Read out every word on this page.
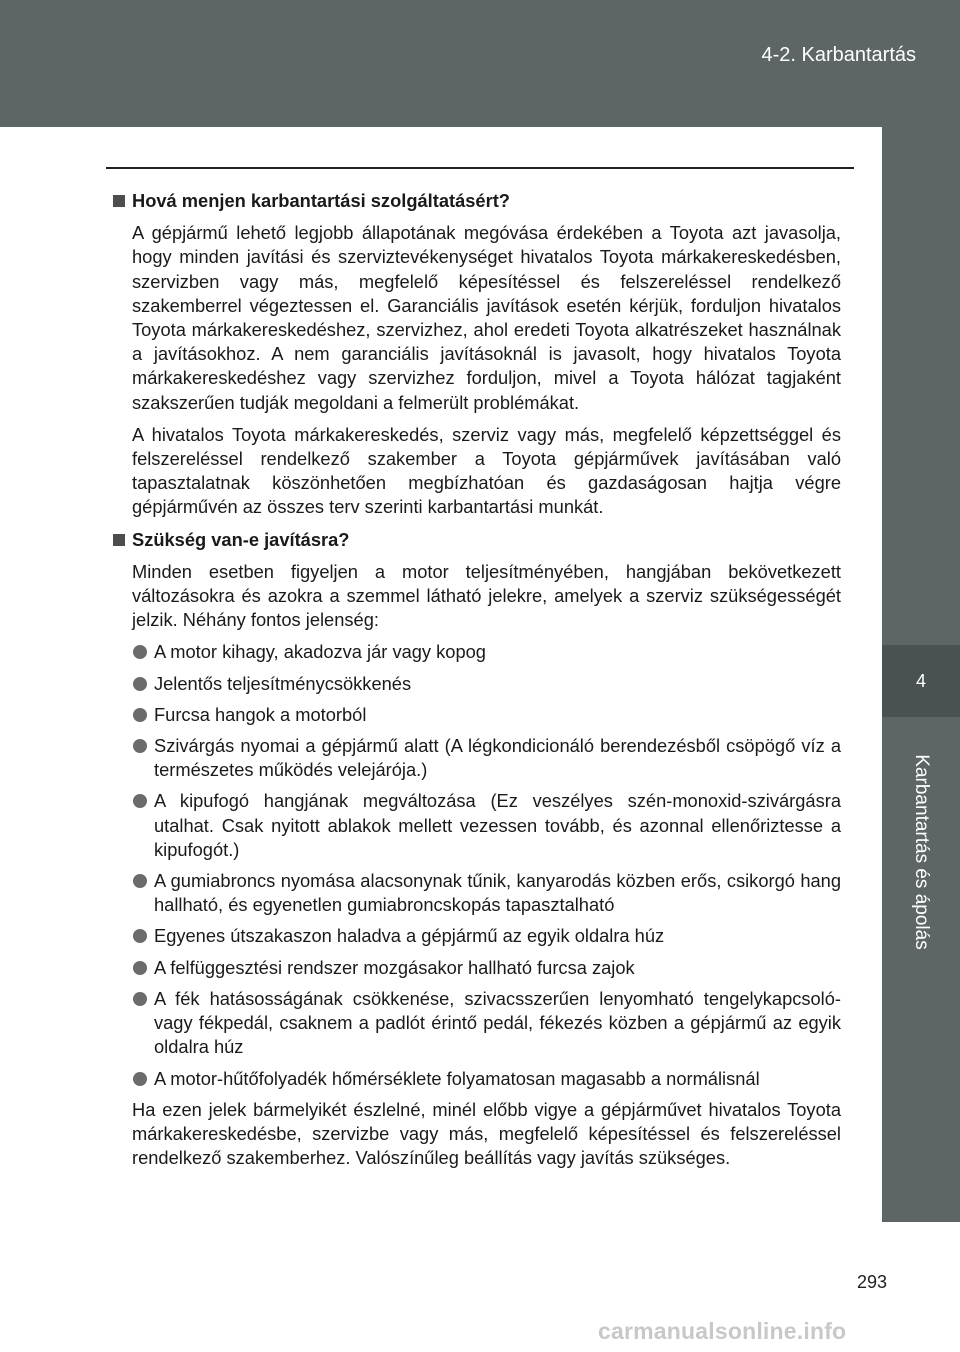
4-2. Karbantartás
4
Karbantartás és ápolás
Hová menjen karbantartási szolgáltatásért?

A gépjármű lehető legjobb állapotának megóvása érdekében a Toyota azt javasolja, hogy minden javítási és szerviztevékenységet hivatalos Toyota márkakereskedésben, szervizben vagy más, megfelelő képesítéssel és felszereléssel rendelkező szakemberrel végeztessen el. Garanciális javítások esetén kérjük, forduljon hivatalos Toyota márkakereskedéshez, szervizhez, ahol eredeti Toyota alkatrészeket használnak a javításokhoz. A nem garanciális javításoknál is javasolt, hogy hivatalos Toyota márkakereskedéshez vagy szervizhez forduljon, mivel a Toyota hálózat tagjaként szakszerűen tudják megoldani a felmerült problémákat.

A hivatalos Toyota márkakereskedés, szerviz vagy más, megfelelő képzettséggel és felszereléssel rendelkező szakember a Toyota gépjárművek javításában való tapasztalatnak köszönhetően megbízhatóan és gazdaságosan hajtja végre gépjárművén az összes terv szerinti karbantartási munkát.

Szükség van-e javításra?

Minden esetben figyeljen a motor teljesítményében, hangjában bekövetkezett változásokra és azokra a szemmel látható jelekre, amelyek a szerviz szükségességét jelzik. Néhány fontos jelenség:

A motor kihagy, akadozva jár vagy kopog
Jelentős teljesítménycsökkenés
Furcsa hangok a motorból
Szivárgás nyomai a gépjármű alatt (A légkondicionáló berendezésből csöpögő víz a természetes működés velejárója.)
A kipufogó hangjának megváltozása (Ez veszélyes szén-monoxid-szivárgásra utalhat. Csak nyitott ablakok mellett vezessen tovább, és azonnal ellenőriztesse a kipufogót.)
A gumiabroncs nyomása alacsonynak tűnik, kanyarodás közben erős, csikorgó hang hallható, és egyenetlen gumiabroncskopás tapasztalható
Egyenes útszakaszon haladva a gépjármű az egyik oldalra húz
A felfüggesztési rendszer mozgásakor hallható furcsa zajok
A fék hatásosságának csökkenése, szivacsszerűen lenyomható tengelykapcsoló- vagy fékpedál, csaknem a padlót érintő pedál, fékezés közben a gépjármű az egyik oldalra húz
A motor-hűtőfolyadék hőmérséklete folyamatosan magasabb a normálisnál

Ha ezen jelek bármelyikét észlelné, minél előbb vigye a gépjárművet hivatalos Toyota márkakereskedésbe, szervizbe vagy más, megfelelő képesítéssel és felszereléssel rendelkező szakemberhez. Valószínűleg beállítás vagy javítás szükséges.

293
carmanualsonline.info
